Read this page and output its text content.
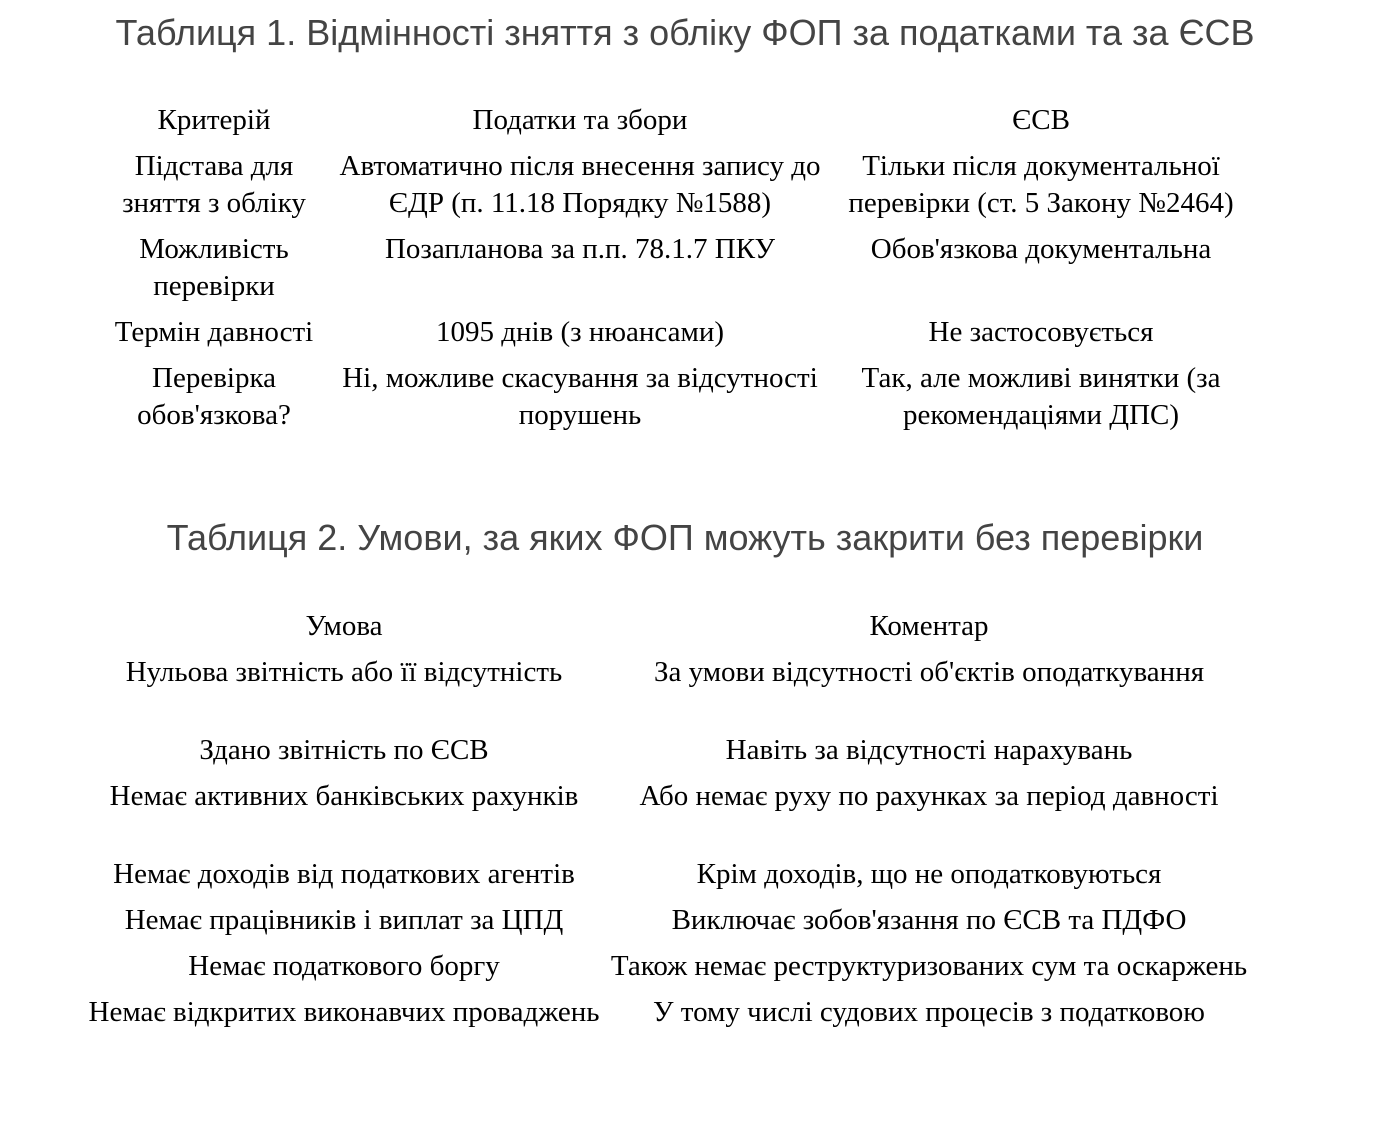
Таблиця 1. Відмінності зняття з обліку ФОП за податками та за ЄСВ
Критерій	Податки та збори	ЄСВ
Підстава для зняття з обліку	Автоматично після внесення запису до ЄДР (п. 11.18 Порядку №1588)	Тільки після документальної перевірки (ст. 5 Закону №2464)
Можливість перевірки	Позапланова за п.п. 78.1.7 ПКУ	Обов'язкова документальна
Термін давності	1095 днів (з нюансами)	Не застосовується
Перевірка обов'язкова?	Ні, можливе скасування за відсутності порушень	Так, але можливі винятки (за рекомендаціями ДПС)
Таблиця 2. Умови, за яких ФОП можуть закрити без перевірки
Умова	Коментар
Нульова звітність або її відсутність	За умови відсутності об'єктів оподаткування
Здано звітність по ЄСВ	Навіть за відсутності нарахувань
Немає активних банківських рахунків	Або немає руху по рахунках за період давності
Немає доходів від податкових агентів	Крім доходів, що не оподатковуються
Немає працівників і виплат за ЦПД	Виключає зобов'язання по ЄСВ та ПДФО
Немає податкового боргу	Також немає реструктуризованих сум та оскаржень
Немає відкритих виконавчих проваджень	У тому числі судових процесів з податковою
